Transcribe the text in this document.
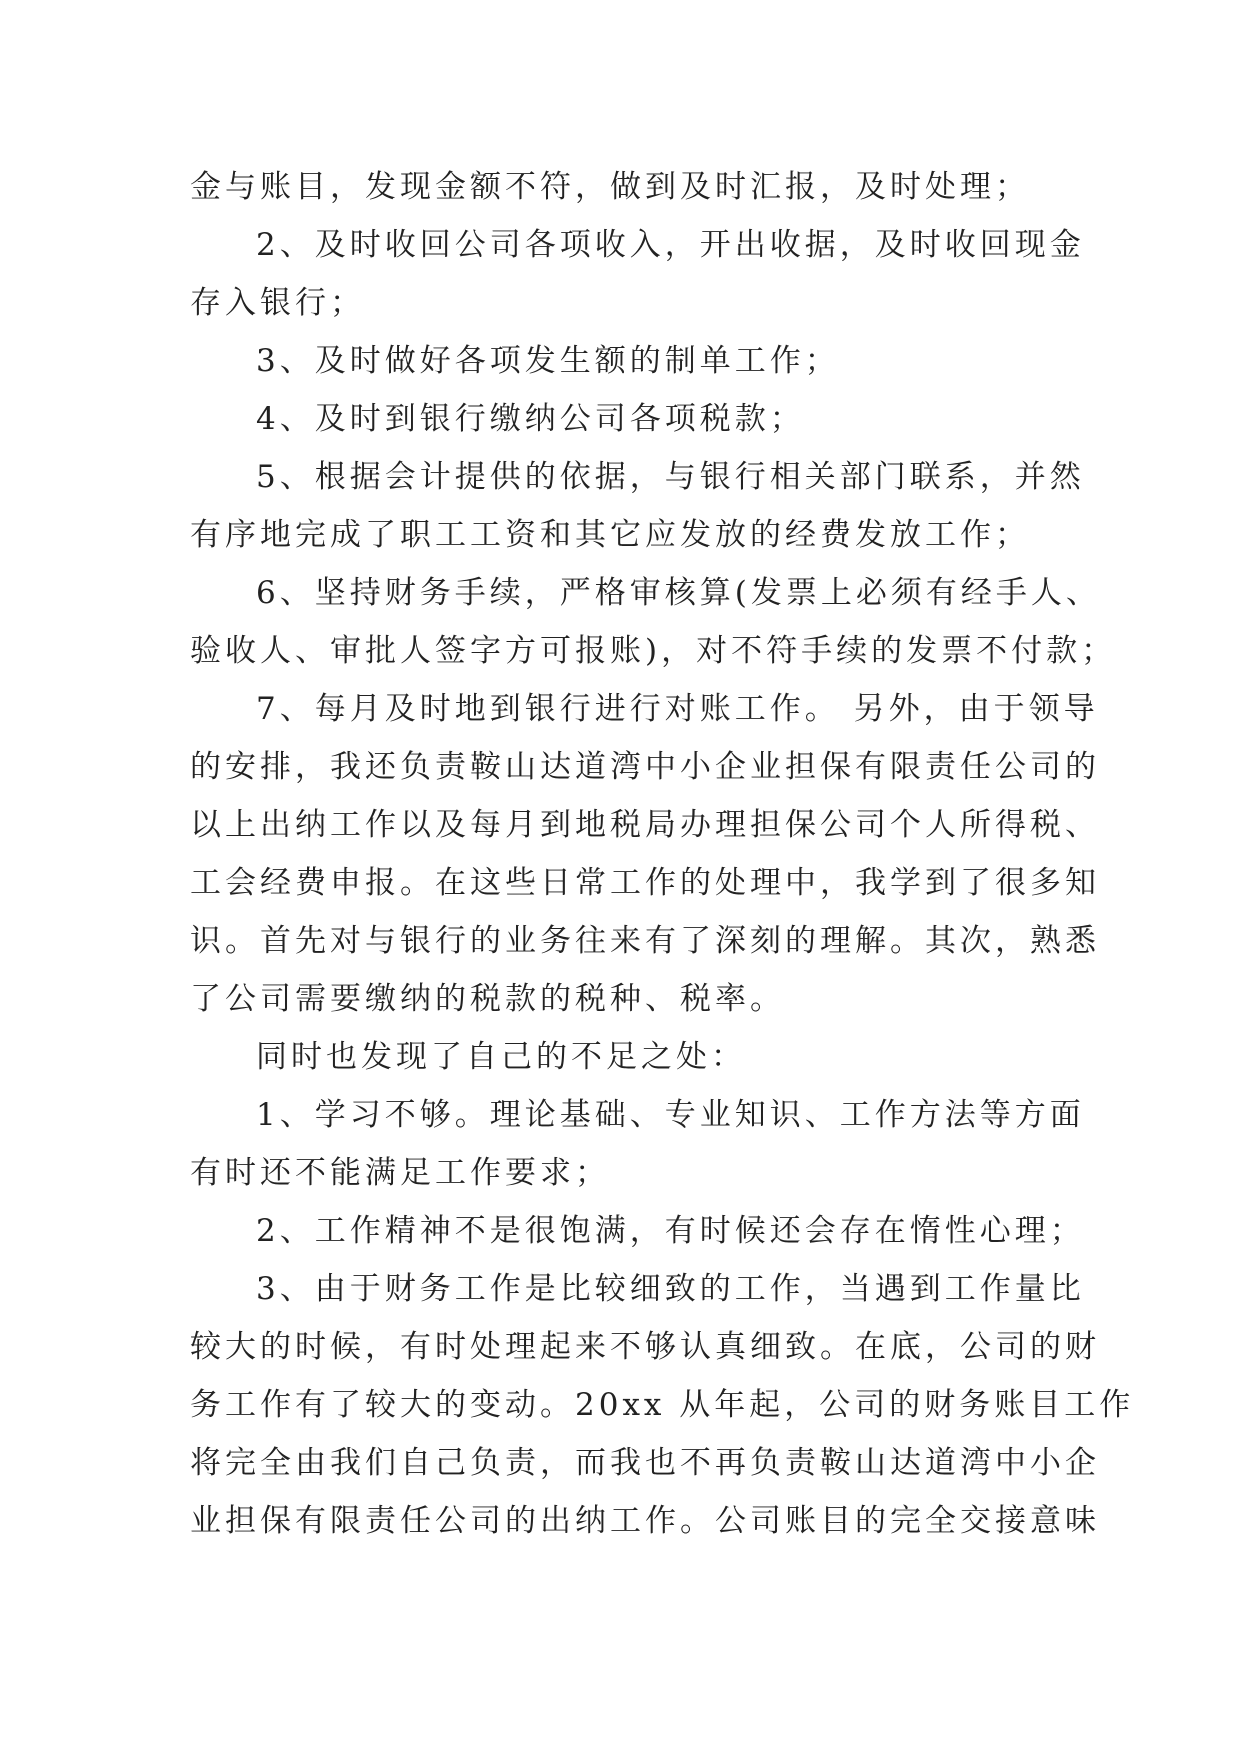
金与账目，发现金额不符，做到及时汇报，及时处理；
2、及时收回公司各项收入，开出收据，及时收回现金
存入银行；
3、及时做好各项发生额的制单工作；
4、及时到银行缴纳公司各项税款；
5、根据会计提供的依据，与银行相关部门联系，并然
有序地完成了职工工资和其它应发放的经费发放工作；
6、坚持财务手续，严格审核算(发票上必须有经手人、
验收人、审批人签字方可报账)，对不符手续的发票不付款；
7、每月及时地到银行进行对账工作。 另外，由于领导
的安排，我还负责鞍山达道湾中小企业担保有限责任公司的
以上出纳工作以及每月到地税局办理担保公司个人所得税、
工会经费申报。在这些日常工作的处理中，我学到了很多知
识。首先对与银行的业务往来有了深刻的理解。其次，熟悉
了公司需要缴纳的税款的税种、税率。
同时也发现了自己的不足之处：
1、学习不够。理论基础、专业知识、工作方法等方面
有时还不能满足工作要求；
2、工作精神不是很饱满，有时候还会存在惰性心理；
3、由于财务工作是比较细致的工作，当遇到工作量比
较大的时候，有时处理起来不够认真细致。在底，公司的财
务工作有了较大的变动。20xx 从年起，公司的财务账目工作
将完全由我们自己负责，而我也不再负责鞍山达道湾中小企
业担保有限责任公司的出纳工作。公司账目的完全交接意味
